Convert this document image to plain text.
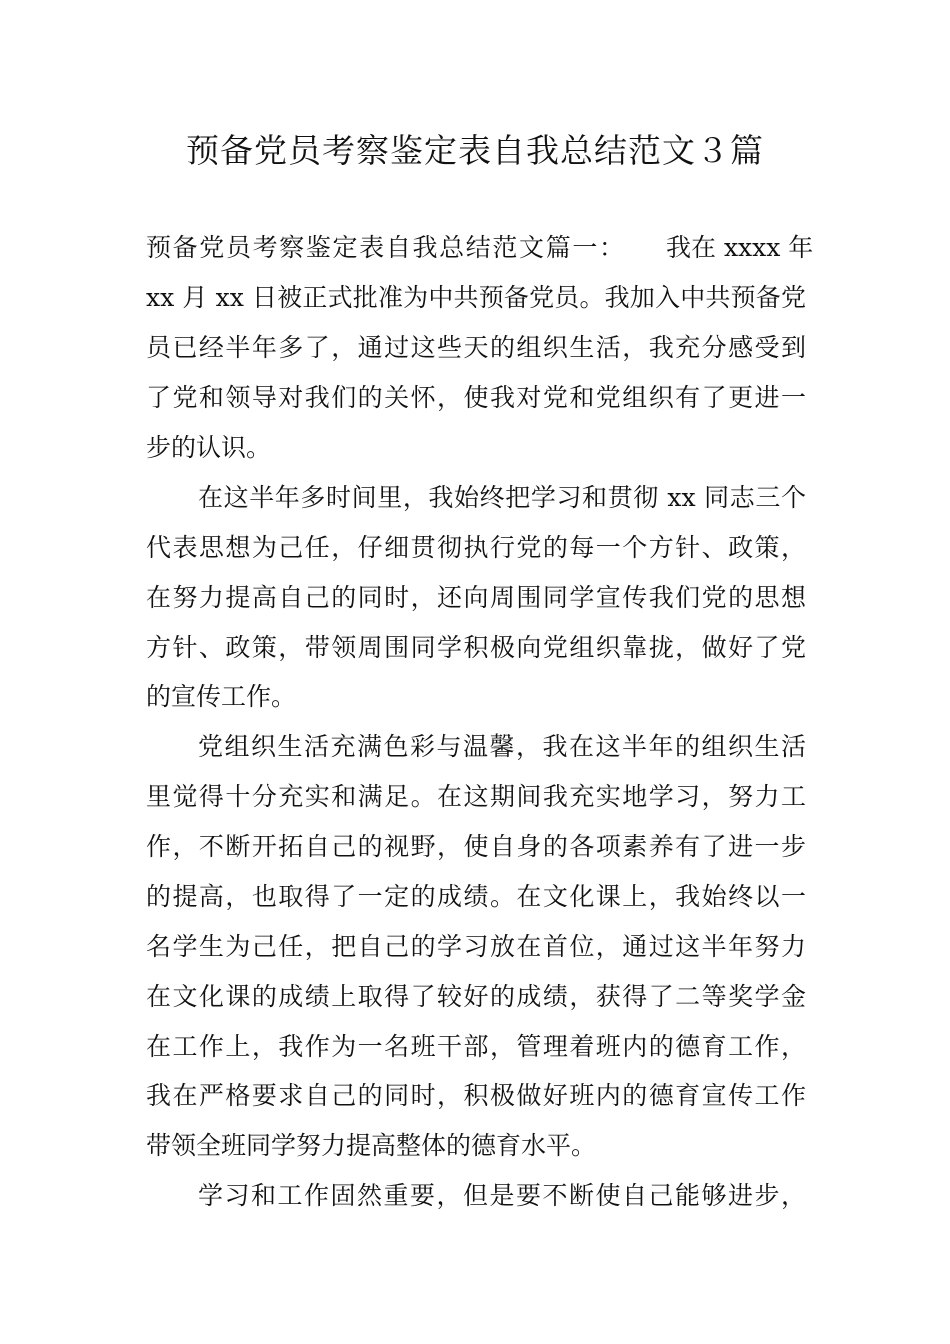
预备党员考察鉴定表自我总结范文３篇
预备党员考察鉴定表自我总结范文篇一： 我在 xxxx 年
xx 月 xx 日被正式批准为中共预备党员。我加入中共预备党
员已经半年多了，通过这些天的组织生活，我充分感受到
了党和领导对我们的关怀，使我对党和党组织有了更进一
步的认识。
在这半年多时间里，我始终把学习和贯彻 xx 同志三个
代表思想为己任，仔细贯彻执行党的每一个方针、政策，
在努力提高自己的同时，还向周围同学宣传我们党的思想
方针、政策，带领周围同学积极向党组织靠拢，做好了党
的宣传工作。
党组织生活充满色彩与温馨，我在这半年的组织生活
里觉得十分充实和满足。在这期间我充实地学习，努力工
作，不断开拓自己的视野，使自身的各项素养有了进一步
的提高，也取得了一定的成绩。在文化课上，我始终以一
名学生为己任，把自己的学习放在首位，通过这半年努力
在文化课的成绩上取得了较好的成绩，获得了二等奖学金
在工作上，我作为一名班干部，管理着班内的德育工作，
我在严格要求自己的同时，积极做好班内的德育宣传工作
带领全班同学努力提高整体的德育水平。
学习和工作固然重要，但是要不断使自己能够进步，
